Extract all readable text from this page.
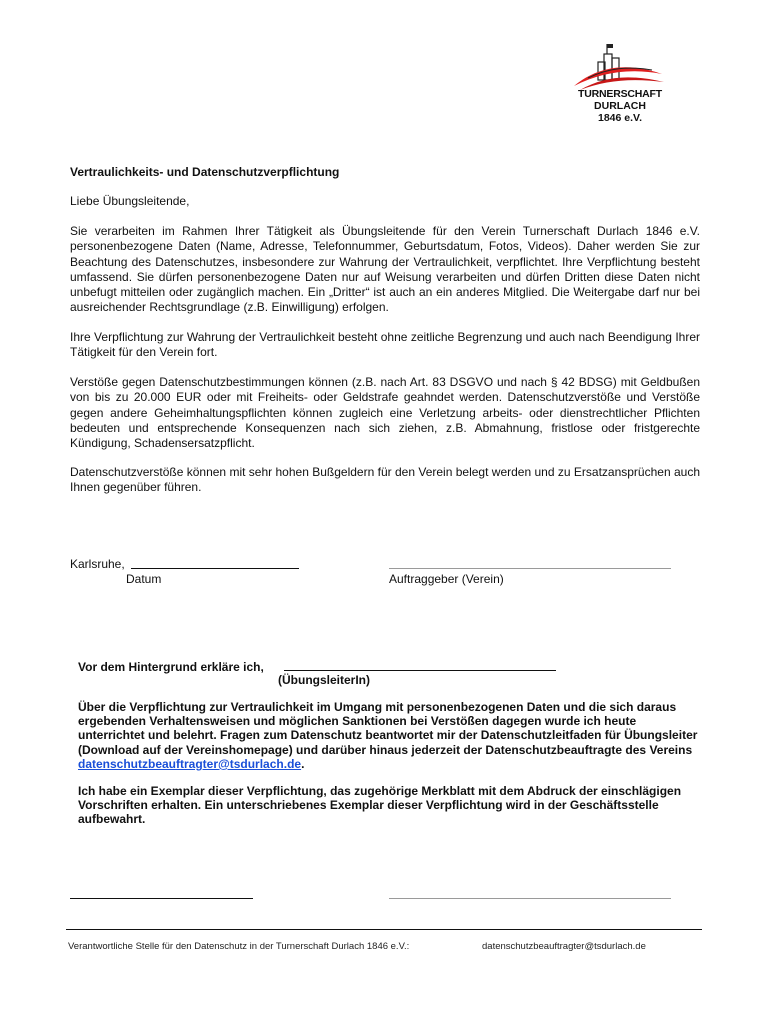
TURNERSCHAFT
DURLACH
1846 e.V.
Vertraulichkeits- und Datenschutzverpflichtung
Liebe Übungsleitende,
Sie verarbeiten im Rahmen Ihrer Tätigkeit als Übungsleitende für den Verein Turnerschaft Durlach 1846 e.V. personenbezogene Daten (Name, Adresse, Telefonnummer, Geburtsdatum, Fotos, Videos). Daher werden Sie zur Beachtung des Datenschutzes, insbesondere zur Wahrung der Vertraulichkeit, verpflichtet. Ihre Verpflichtung besteht umfassend. Sie dürfen personenbezogene Daten nur auf Weisung verarbeiten und dürfen Dritten diese Daten nicht unbefugt mitteilen oder zugänglich machen. Ein „Dritter“ ist auch an ein anderes Mitglied. Die Weitergabe darf nur bei ausreichender Rechtsgrundlage (z.B. Einwilligung) erfolgen.
Ihre Verpflichtung zur Wahrung der Vertraulichkeit besteht ohne zeitliche Begrenzung und auch nach Beendigung Ihrer Tätigkeit für den Verein fort.
Verstöße gegen Datenschutzbestimmungen können (z.B. nach Art. 83 DSGVO und nach § 42 BDSG) mit Geldbußen von bis zu 20.000 EUR oder mit Freiheits- oder Geldstrafe geahndet werden. Datenschutzverstöße und Verstöße gegen andere Geheimhaltungspflichten können zugleich eine Verletzung arbeits- oder dienstrechtlicher Pflichten bedeuten und entsprechende Konsequenzen nach sich ziehen, z.B. Abmahnung, fristlose oder fristgerechte Kündigung, Schadensersatzpflicht.
Datenschutzverstöße können mit sehr hohen Bußgeldern für den Verein belegt werden und zu Ersatzansprüchen auch Ihnen gegenüber führen.
Karlsruhe,
Datum	Auftraggeber (Verein)
Vor dem Hintergrund erkläre ich,
(ÜbungsleiterIn)
Über die Verpflichtung zur Vertraulichkeit im Umgang mit personenbezogenen Daten und die sich daraus ergebenden Verhaltensweisen und möglichen Sanktionen bei Verstößen dagegen wurde ich heute unterrichtet und belehrt. Fragen zum Datenschutz beantwortet mir der Datenschutzleitfaden für Übungsleiter (Download auf der Vereinshomepage) und darüber hinaus jederzeit der Datenschutzbeauftragte des Vereins datenschutzbeauftragter@tsdurlach.de.
Ich habe ein Exemplar dieser Verpflichtung, das zugehörige Merkblatt mit dem Abdruck der einschlägigen Vorschriften erhalten. Ein unterschriebenes Exemplar dieser Verpflichtung wird in der Geschäftsstelle aufbewahrt.
Verantwortliche Stelle für den Datenschutz in der Turnerschaft Durlach 1846 e.V.:	datenschutzbeauftragter@tsdurlach.de
